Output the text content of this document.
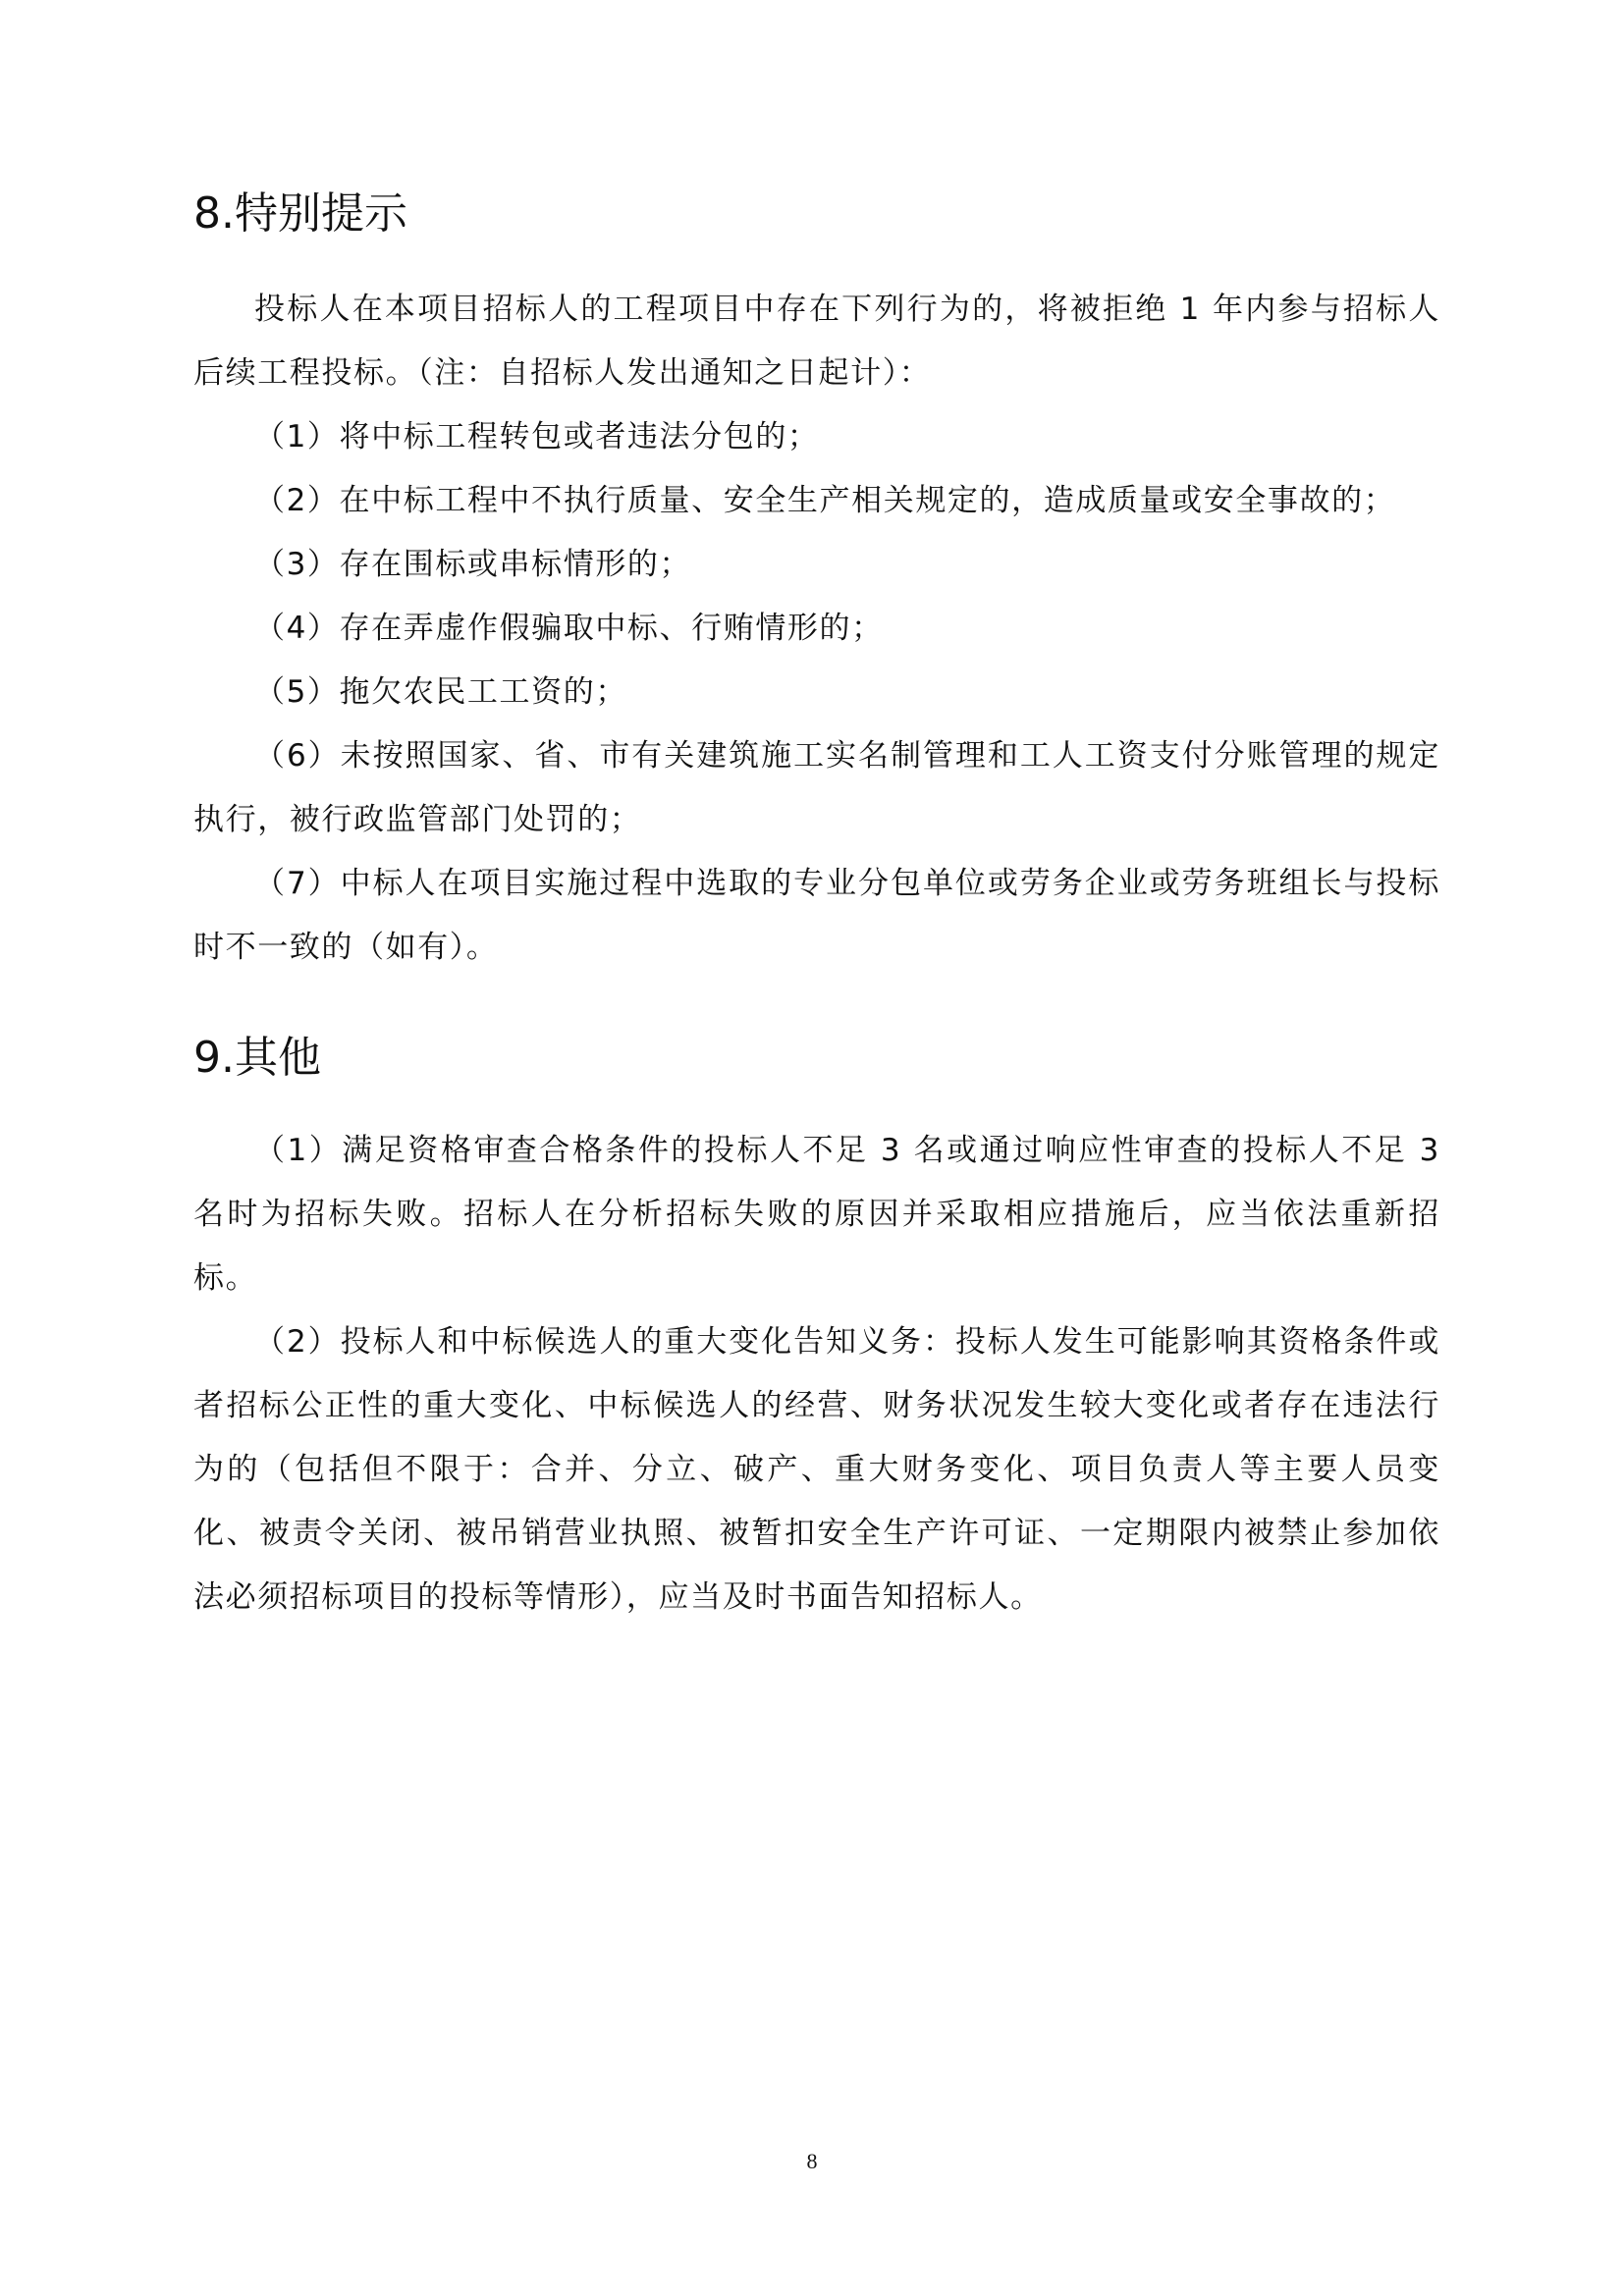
8.特别提示

投标人在本项目招标人的工程项目中存在下列行为的，将被拒绝 1 年内参与招标人后续工程投标。（注：自招标人发出通知之日起计）：

（1）将中标工程转包或者违法分包的；

（2）在中标工程中不执行质量、安全生产相关规定的，造成质量或安全事故的；

（3）存在围标或串标情形的；

（4）存在弄虚作假骗取中标、行贿情形的；

（5）拖欠农民工工资的；

（6）未按照国家、省、市有关建筑施工实名制管理和工人工资支付分账管理的规定执行，被行政监管部门处罚的；

（7）中标人在项目实施过程中选取的专业分包单位或劳务企业或劳务班组长与投标时不一致的（如有）。

9.其他

（1）满足资格审查合格条件的投标人不足 3 名或通过响应性审查的投标人不足 3 名时为招标失败。招标人在分析招标失败的原因并采取相应措施后，应当依法重新招标。

（2）投标人和中标候选人的重大变化告知义务：投标人发生可能影响其资格条件或者招标公正性的重大变化、中标候选人的经营、财务状况发生较大变化或者存在违法行为的（包括但不限于：合并、分立、破产、重大财务变化、项目负责人等主要人员变化、被责令关闭、被吊销营业执照、被暂扣安全生产许可证、一定期限内被禁止参加依法必须招标项目的投标等情形），应当及时书面告知招标人。

8
